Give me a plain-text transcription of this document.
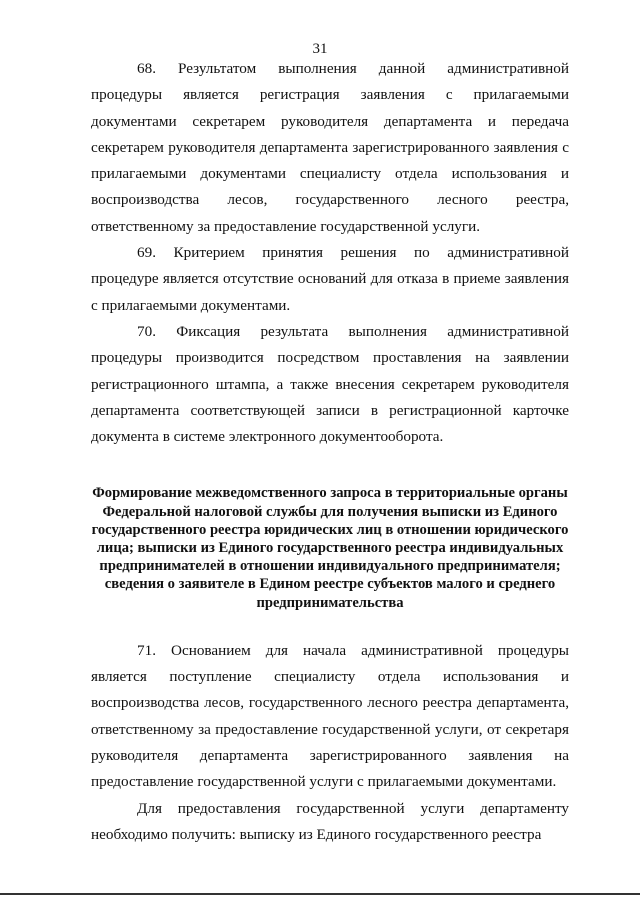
31

68. Результатом выполнения данной административной процедуры является регистрация заявления с прилагаемыми документами секретарем руководителя департамента и передача секретарем руководителя департамента зарегистрированного заявления с прилагаемыми документами специалисту отдела использования и воспроизводства лесов, государственного лесного реестра, ответственному за предоставление государственной услуги.

69. Критерием принятия решения по административной процедуре является отсутствие оснований для отказа в приеме заявления с прилагаемыми документами.

70. Фиксация результата выполнения административной процедуры производится посредством проставления на заявлении регистрационного штампа, а также внесения секретарем руководителя департамента соответствующей записи в регистрационной карточке документа в системе электронного документооборота.

Формирование межведомственного запроса в территориальные органы Федеральной налоговой службы для получения выписки из Единого государственного реестра юридических лиц в отношении юридического лица; выписки из Единого государственного реестра индивидуальных предпринимателей в отношении индивидуального предпринимателя; сведения о заявителе в Едином реестре субъектов малого и среднего предпринимательства

71. Основанием для начала административной процедуры является поступление специалисту отдела использования и воспроизводства лесов, государственного лесного реестра департамента, ответственному за предоставление государственной услуги, от секретаря руководителя департамента зарегистрированного заявления на предоставление государственной услуги с прилагаемыми документами.

Для предоставления государственной услуги департаменту необходимо получить: выписку из Единого государственного реестра
